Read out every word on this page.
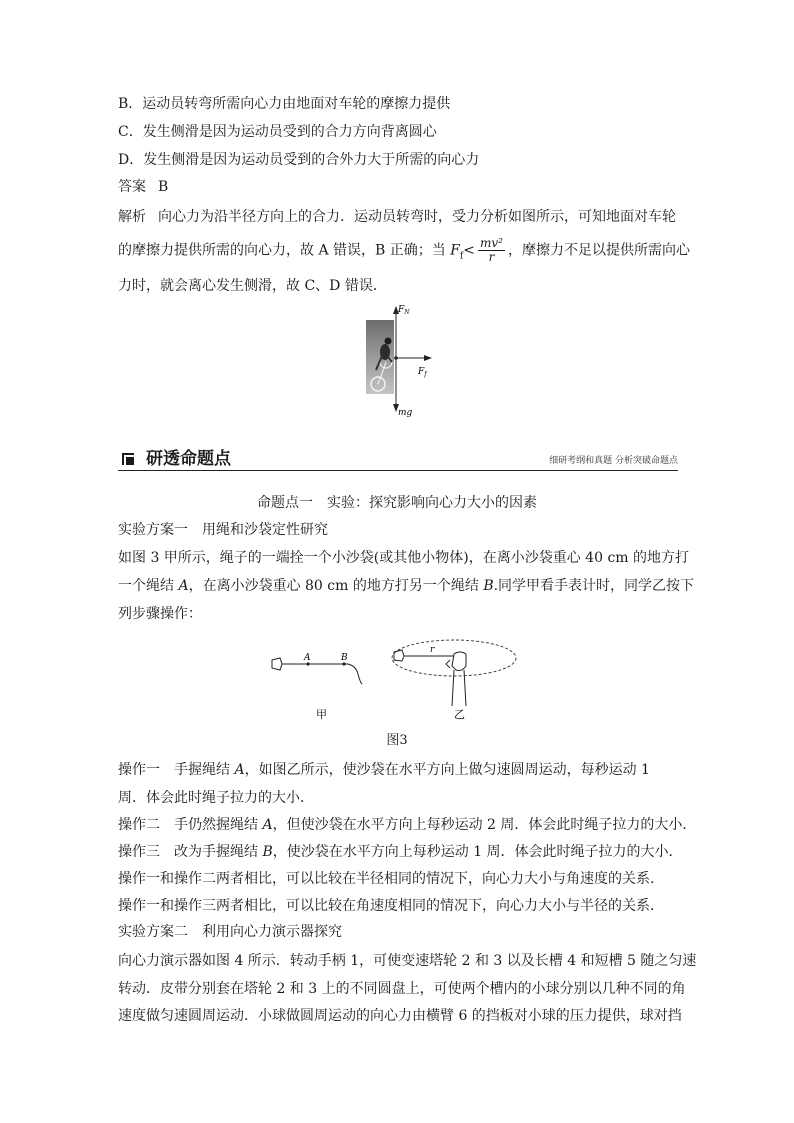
B．运动员转弯所需向心力由地面对车轮的摩擦力提供
C．发生侧滑是因为运动员受到的合力方向背离圆心
D．发生侧滑是因为运动员受到的合外力大于所需的向心力
答案 B
解析 向心力为沿半径方向上的合力．运动员转弯时，受力分析如图所示，可知地面对车轮
的摩擦力提供所需的向心力，故 A 错误，B 正确；当 $F_f< \frac{\text{mv²}}{r}$ ，摩擦力不足以提供所需向心
力时，就会离心发生侧滑，故 C、D 错误．
$F_N$
$F_f$
mg
研透命题点	细研考纲和真题 分析突破命题点
命题点一　实验：探究影响向心力大小的因素
实验方案一　用绳和沙袋定性研究
如图 3 甲所示，绳子的一端拴一个小沙袋(或其他小物体)，在离小沙袋重心 40 cm 的地方打
一个绳结 A，在离小沙袋重心 80 cm 的地方打另一个绳结 B.同学甲看手表计时，同学乙按下
列步骤操作：
A	B
r
甲	乙
图3
操作一　手握绳结 A，如图乙所示，使沙袋在水平方向上做匀速圆周运动，每秒运动 1
周．体会此时绳子拉力的大小．
操作二　手仍然握绳结 A，但使沙袋在水平方向上每秒运动 2 周．体会此时绳子拉力的大小．
操作三　改为手握绳结 B，使沙袋在水平方向上每秒运动 1 周．体会此时绳子拉力的大小．
操作一和操作二两者相比，可以比较在半径相同的情况下，向心力大小与角速度的关系．
操作一和操作三两者相比，可以比较在角速度相同的情况下，向心力大小与半径的关系．
实验方案二　利用向心力演示器探究
向心力演示器如图 4 所示．转动手柄 1，可使变速塔轮 2 和 3 以及长槽 4 和短槽 5 随之匀速
转动．皮带分别套在塔轮 2 和 3 上的不同圆盘上，可使两个槽内的小球分别以几种不同的角
速度做匀速圆周运动．小球做圆周运动的向心力由横臂 6 的挡板对小球的压力提供，球对挡
